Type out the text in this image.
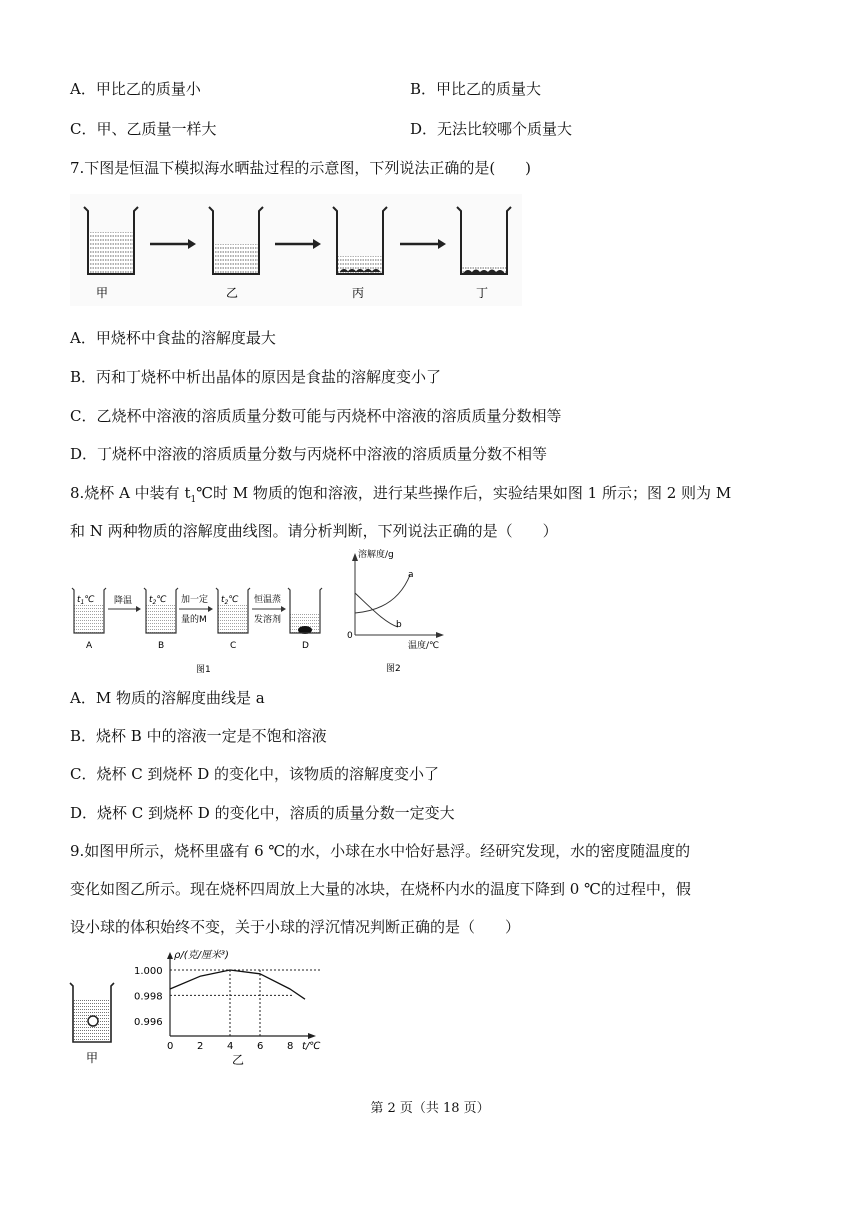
A．甲比乙的质量小	B．甲比乙的质量大
C．甲、乙质量一样大	D．无法比较哪个质量大
7.下图是恒温下模拟海水晒盐过程的示意图，下列说法正确的是(　　)
甲	乙	丙	丁
A．甲烧杯中食盐的溶解度最大
B．丙和丁烧杯中析出晶体的原因是食盐的溶解度变小了
C．乙烧杯中溶液的溶质质量分数可能与丙烧杯中溶液的溶质质量分数相等
D．丁烧杯中溶液的溶质质量分数与丙烧杯中溶液的溶质质量分数不相等
8.烧杯 A 中装有 $t_1℃$时 M 物质的饱和溶液，进行某些操作后，实验结果如图 1 所示；图 2 则为 M
和 N 两种物质的溶解度曲线图。请分析判断，下列说法正确的是（　　）
$t_1℃$ 降温 $t_2℃$ 加一定
量的M
$t_2℃$ 恒温蒸
发溶剂
A	B	C	D
图1
溶解度/g
温度/℃
0
a
b
图2
A．M 物质的溶解度曲线是 a
B．烧杯 B 中的溶液一定是不饱和溶液
C．烧杯 C 到烧杯 D 的变化中，该物质的溶解度变小了
D．烧杯 C 到烧杯 D 的变化中，溶质的质量分数一定变大
9.如图甲所示，烧杯里盛有 6 ℃的水，小球在水中恰好悬浮。经研究发现，水的密度随温度的
变化如图乙所示。现在烧杯四周放上大量的冰块，在烧杯内水的温度下降到 0 ℃的过程中，假
设小球的体积始终不变，关于小球的浮沉情况判断正确的是（　　）
甲
0 2 4 6 8
1.000
0.998
0.996
ρ/(克/厘米³)
t/℃
乙
第 2 页（共 18 页）
